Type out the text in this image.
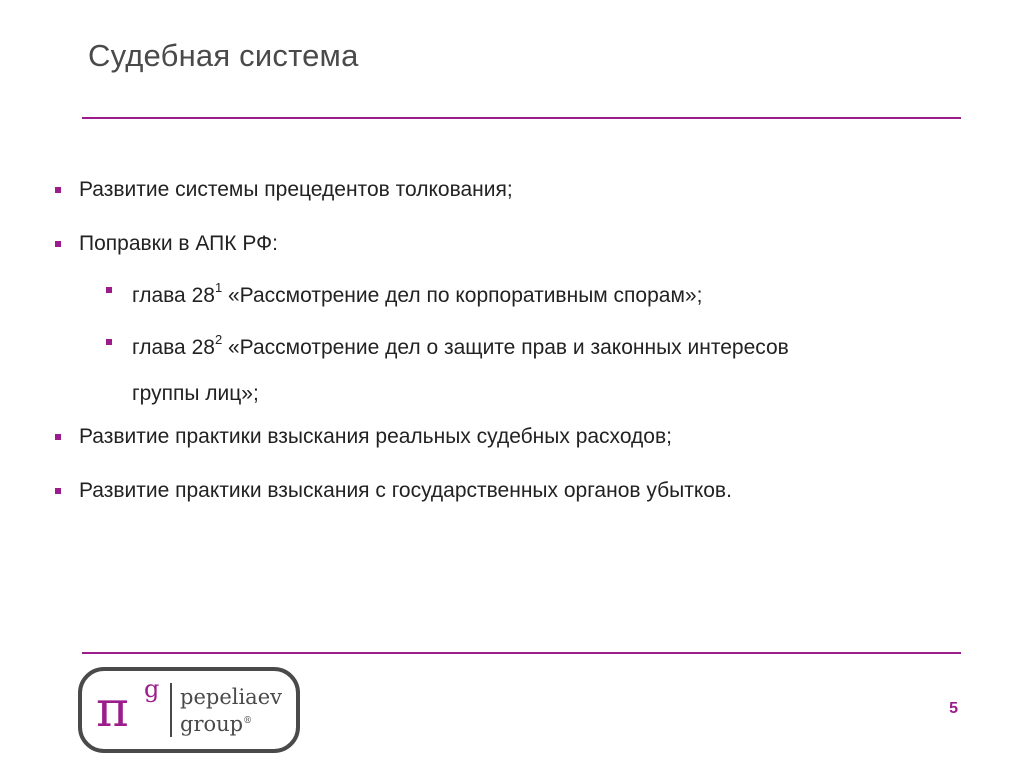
Судебная система
Развитие системы прецедентов толкования;
Поправки в АПК РФ:
глава $28^1$ «Рассмотрение дел по корпоративным спорам»;
глава $28^2$ «Рассмотрение дел о защите прав и законных интересов
группы лиц»;
Развитие практики взыскания реальных судебных расходов;
Развитие практики взыскания с государственных органов убытков.
π g pepeliaev
group®
5
